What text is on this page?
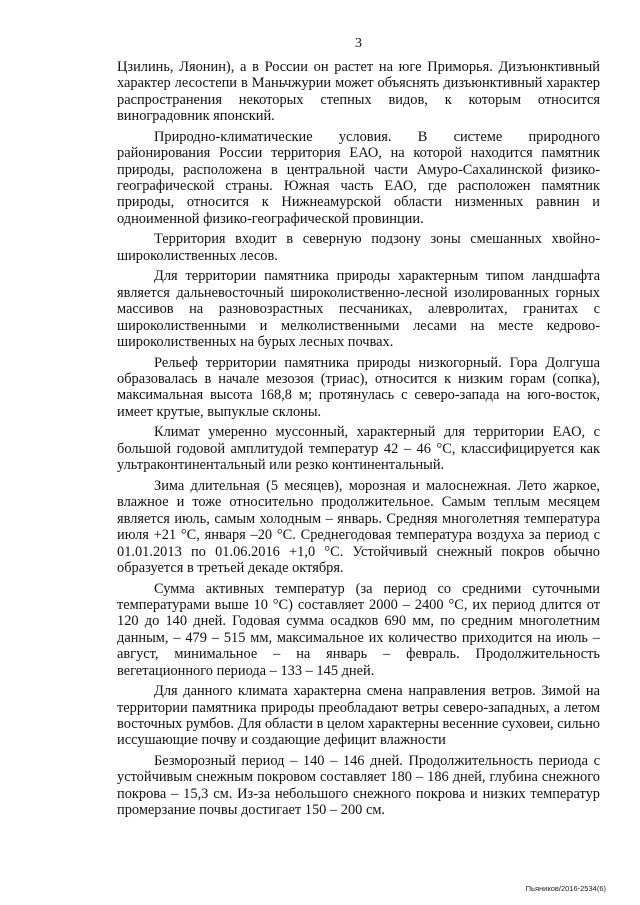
3

Цзилинь, Ляонин), а в России он растет на юге Приморья. Дизъюнктивный характер лесостепи в Маньчжурии может объяснять дизъюнктивный характер распространения некоторых степных видов, к которым относится виноградовник японский.

Природно-климатические условия. В системе природного районирования России территория ЕАО, на которой находится памятник природы, расположена в центральной части Амуро-Сахалинской физико-географической страны. Южная часть ЕАО, где расположен памятник природы, относится к Нижнеамурской области низменных равнин и одноименной физико-географической провинции.

Территория входит в северную подзону зоны смешанных хвойно-широколиственных лесов.

Для территории памятника природы характерным типом ландшафта является дальневосточный широколиственно-лесной изолированных горных массивов на разновозрастных песчаниках, алевролитах, гранитах с широколиственными и мелколиственными лесами на месте кедрово-широколиственных на бурых лесных почвах.

Рельеф территории памятника природы низкогорный. Гора Долгуша образовалась в начале мезозоя (триас), относится к низким горам (сопка), максимальная высота 168,8 м; протянулась с северо-запада на юго-восток, имеет крутые, выпуклые склоны.

Климат умеренно муссонный, характерный для территории ЕАО, с большой годовой амплитудой температур 42 – 46 °С, классифицируется как ультраконтинентальный или резко континентальный.

Зима длительная (5 месяцев), морозная и малоснежная. Лето жаркое, влажное и тоже относительно продолжительное. Самым теплым месяцем является июль, самым холодным – январь. Средняя многолетняя температура июля +21 °С, января –20 °С. Среднегодовая температура воздуха за период с 01.01.2013 по 01.06.2016 +1,0 °С. Устойчивый снежный покров обычно образуется в третьей декаде октября.

Сумма активных температур (за период со средними суточными температурами выше 10 °С) составляет 2000 – 2400 °С, их период длится от 120 до 140 дней. Годовая сумма осадков 690 мм, по средним многолетним данным, – 479 – 515 мм, максимальное их количество приходится на июль – август, минимальное – на январь – февраль. Продолжительность вегетационного периода – 133 – 145 дней.

Для данного климата характерна смена направления ветров. Зимой на территории памятника природы преобладают ветры северо-западных, а летом восточных румбов. Для области в целом характерны весенние суховеи, сильно иссушающие почву и создающие дефицит влажности

Безморозный период – 140 – 146 дней. Продолжительность периода с устойчивым снежным покровом составляет 180 – 186 дней, глубина снежного покрова – 15,3 см. Из-за небольшого снежного покрова и низких температур промерзание почвы достигает 150 – 200 см.

Пьяников/2016-2534(6)
